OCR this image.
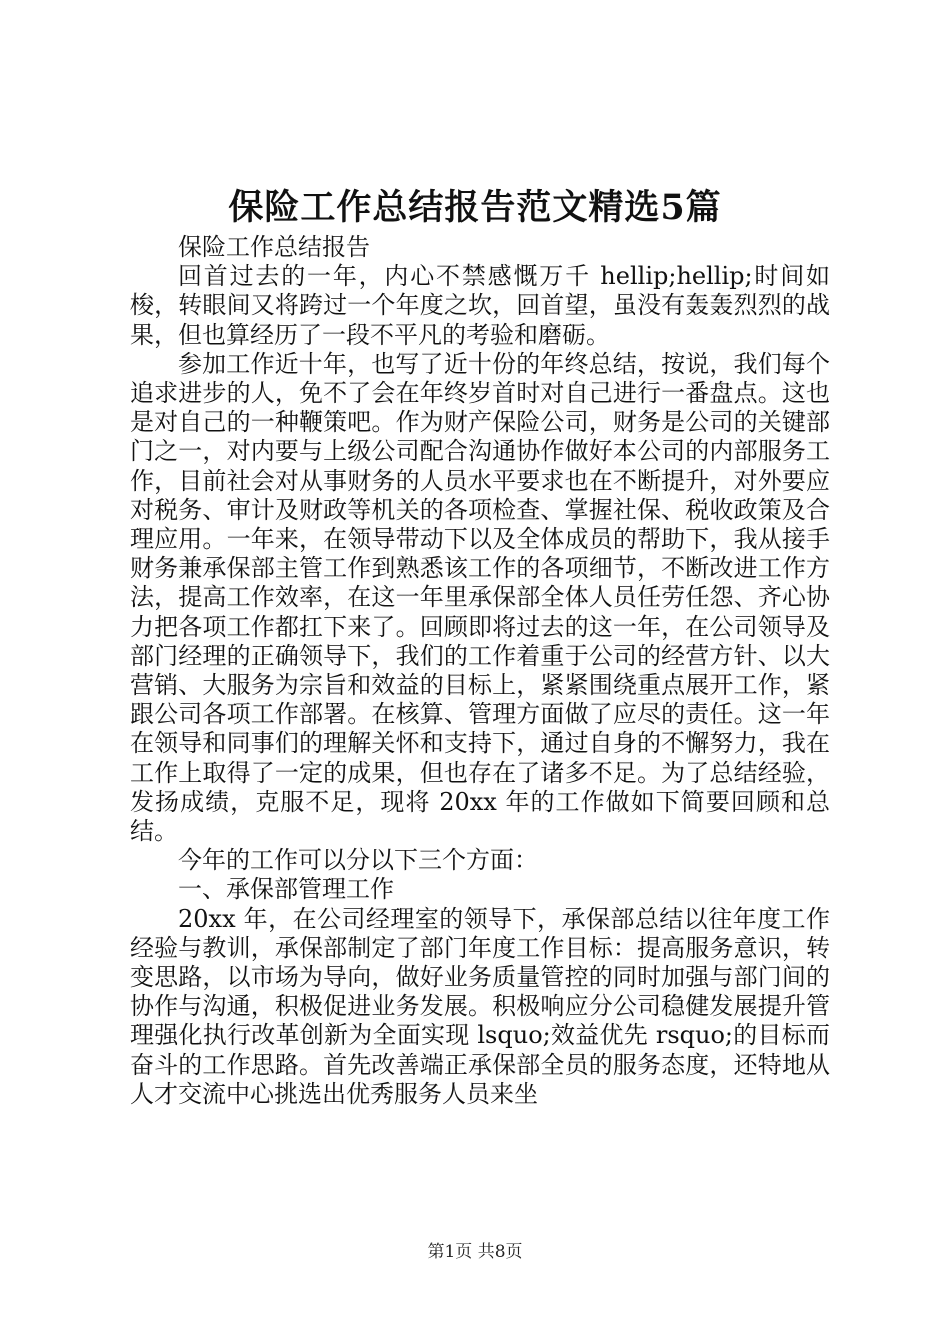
保险工作总结报告范文精选5篇

保险工作总结报告

回首过去的一年，内心不禁感慨万千 hellip;hellip;时间如梭，转眼间又将跨过一个年度之坎，回首望，虽没有轰轰烈烈的战果，但也算经历了一段不平凡的考验和磨砺。

参加工作近十年，也写了近十份的年终总结，按说，我们每个追求进步的人，免不了会在年终岁首时对自己进行一番盘点。这也是对自己的一种鞭策吧。作为财产保险公司，财务是公司的关键部门之一，对内要与上级公司配合沟通协作做好本公司的内部服务工作，目前社会对从事财务的人员水平要求也在不断提升，对外要应对税务、审计及财政等机关的各项检查、掌握社保、税收政策及合理应用。一年来，在领导带动下以及全体成员的帮助下，我从接手财务兼承保部主管工作到熟悉该工作的各项细节，不断改进工作方法，提高工作效率，在这一年里承保部全体人员任劳任怨、齐心协力把各项工作都扛下来了。回顾即将过去的这一年，在公司领导及部门经理的正确领导下，我们的工作着重于公司的经营方针、以大营销、大服务为宗旨和效益的目标上，紧紧围绕重点展开工作，紧跟公司各项工作部署。在核算、管理方面做了应尽的责任。这一年在领导和同事们的理解关怀和支持下，通过自身的不懈努力，我在工作上取得了一定的成果，但也存在了诸多不足。为了总结经验，发扬成绩，克服不足，现将 20xx 年的工作做如下简要回顾和总结。

今年的工作可以分以下三个方面：

一、承保部管理工作

20xx 年，在公司经理室的领导下，承保部总结以往年度工作经验与教训，承保部制定了部门年度工作目标：提高服务意识，转变思路，以市场为导向，做好业务质量管控的同时加强与部门间的协作与沟通，积极促进业务发展。积极响应分公司稳健发展提升管理强化执行改革创新为全面实现 lsquo;效益优先 rsquo;的目标而奋斗的工作思路。首先改善端正承保部全员的服务态度，还特地从人才交流中心挑选出优秀服务人员来坐

第1页 共8页
